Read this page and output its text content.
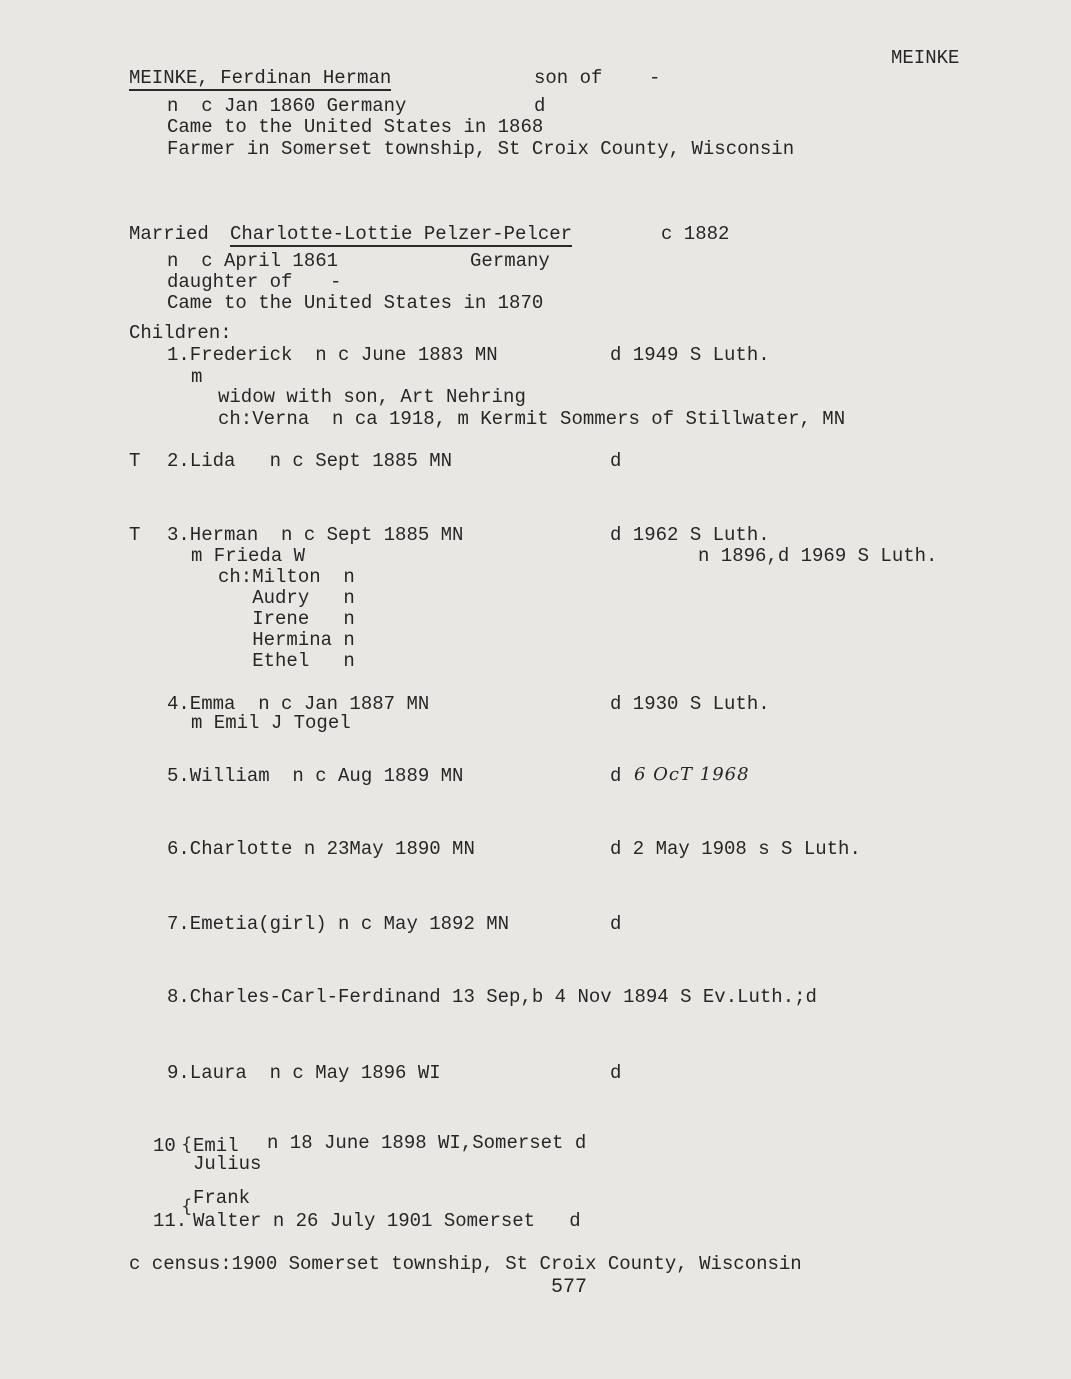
MEINKE
MEINKE, Ferdinan Herman	son of -
n  c Jan 1860 Germany	d
Came to the United States in 1868
Farmer in Somerset township, St Croix County, Wisconsin
Married Charlotte-Lottie Pelzer-Pelcer	c 1882
n  c April 1861	Germany
daughter of -
Came to the United States in 1870
Children:
1.Frederick  n c June 1883 MN	d 1949 S Luth.
m
widow with son, Art Nehring
ch:Verna  n ca 1918, m Kermit Sommers of Stillwater, MN
T 2.Lida   n c Sept 1885 MN	d
T 3.Herman  n c Sept 1885 MN	d 1962 S Luth.
m Frieda W	n 1896,d 1969 S Luth.
ch:Milton  n
Audry   n
Irene   n
Hermina n
Ethel   n
4.Emma  n c Jan 1887 MN	d 1930 S Luth.
m Emil J Togel
5.William  n c Aug 1889 MN	d 6 OcT 1968
6.Charlotte n 23May 1890 MN	d 2 May 1908 s S Luth.
7.Emetia(girl) n c May 1892 MN	d
8.Charles-Carl-Ferdinand 13 Sep,b 4 Nov 1894 S Ev.Luth.;d
9.Laura  n c May 1896 WI	d
10 { Emil n 18 June 1898 WI,Somerset d
Julius
{ Frank
11. Walter n 26 July 1901 Somerset   d
c census:1900 Somerset township, St Croix County, Wisconsin
577
